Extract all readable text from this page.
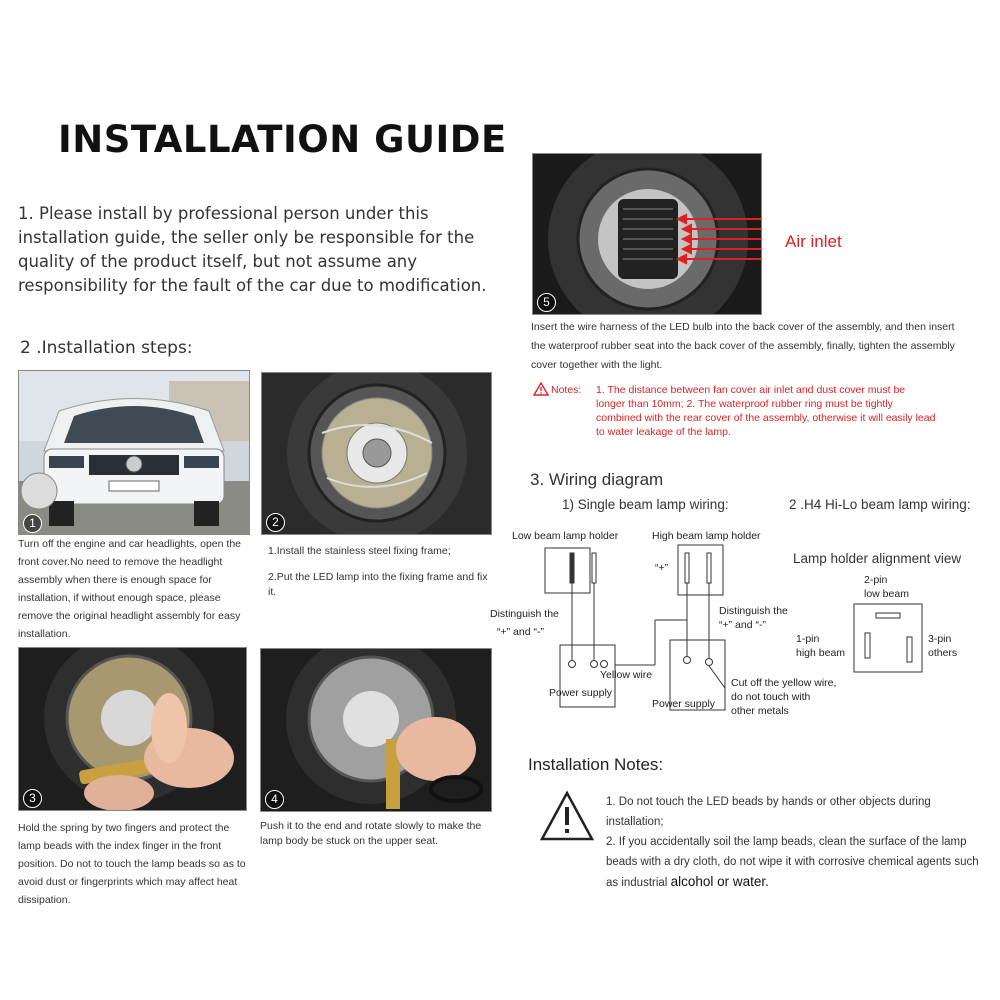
INSTALLATION GUIDE
1. Please install by professional person under this installation guide, the seller only be responsible for the quality of the product itself, but not assume any responsibility for the fault of the car due to modification.
2 .Installation steps:
1
Turn off the engine and car headlights, open the front cover.No need to remove the headlight assembly when there is enough space for installation, if without enough space, please remove the original headlight assembly for easy installation.
2
1.Install the stainless steel fixing frame;
2.Put the LED lamp into the fixing frame and fix it.
3
Hold the spring by two fingers and protect the lamp beads with the index finger in the front position. Do not to touch the lamp beads so as to avoid dust or fingerprints which may affect heat dissipation.
4
Push it to the end and rotate slowly to make the lamp body be stuck on the upper seat.
5
Air inlet
Insert the wire harness of the LED bulb into the back cover of the assembly, and then insert the waterproof rubber seat into the back cover of the assembly, finally, tighten the assembly cover together with the light.
Notes: 1. The distance between fan cover air inlet and dust cover must be longer than 10mm; 2. The waterproof rubber ring must be tightly combined with the rear cover of the assembly, otherwise it will easily lead to water leakage of the lamp.
3. Wiring diagram
1) Single beam lamp wiring:	2 .H4 Hi-Lo beam lamp wiring:
Low beam lamp holder	High beam lamp holder
“+”
Distinguish the
“+” and “-”
Distinguish the
“+” and “-”
Yellow wire
Power supply
Power supply
Cut off the yellow wire,
do not touch with
other metals
Lamp holder alignment view
2-pin
low beam
1-pin
high beam
3-pin
others
Installation Notes:
1. Do not touch the LED beads by hands or other objects during installation;
2. If you accidentally soil the lamp beads, clean the surface of the lamp beads with a dry cloth, do not wipe it with corrosive chemical agents such as industrial alcohol or water.
